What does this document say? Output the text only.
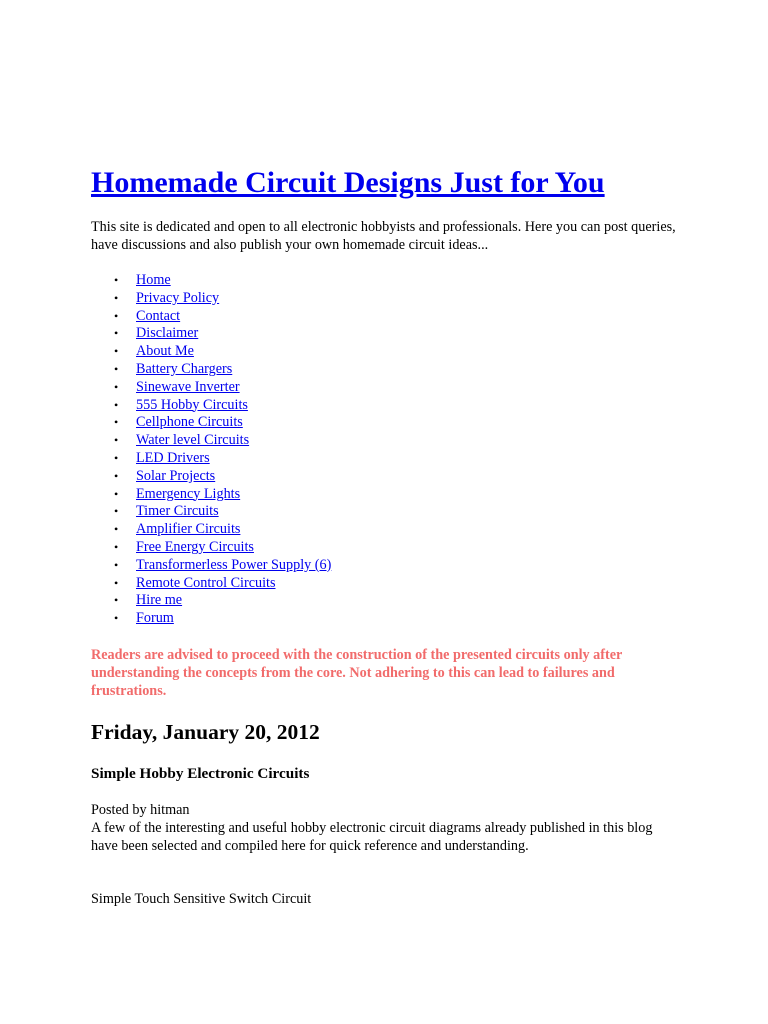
Homemade Circuit Designs Just for You

This site is dedicated and open to all electronic hobbyists and professionals. Here you can post queries, have discussions and also publish your own homemade circuit ideas...

• Home
• Privacy Policy
• Contact
• Disclaimer
• About Me
• Battery Chargers
• Sinewave Inverter
• 555 Hobby Circuits
• Cellphone Circuits
• Water level Circuits
• LED Drivers
• Solar Projects
• Emergency Lights
• Timer Circuits
• Amplifier Circuits
• Free Energy Circuits
• Transformerless Power Supply (6)
• Remote Control Circuits
• Hire me
• Forum

Readers are advised to proceed with the construction of the presented circuits only after understanding the concepts from the core. Not adhering to this can lead to failures and frustrations.

Friday, January 20, 2012
Simple Hobby Electronic Circuits

Posted by hitman

A few of the interesting and useful hobby electronic circuit diagrams already published in this blog have been selected and compiled here for quick reference and understanding.

Simple Touch Sensitive Switch Circuit
